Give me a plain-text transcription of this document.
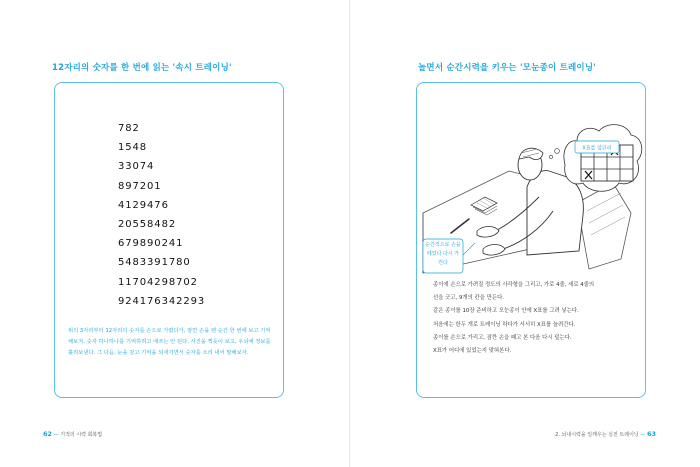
12자리의 숫자를 한 번에 읽는 '속시 트레이닝'
782
1548
33074
897201
4129476
20558482
679890241
5483391780
11704298702
924176342293

위의 3자리부터 12자리의 숫자를 손으로 가렸다가, 잠깐 손을 뗀 순간 한 번에 보고 기억해보자. 숫자 하나하나를 기억하려고 애쓰는 안 된다. 사진을 찍듯이 보고, 우뇌에 정보를 흘려보낸다. 그 다음, 눈을 감고 기억을 되새기면서 숫자를 소리 내어 말해보자.

62 — 기적의 시력 회복법
놀면서 순간시력을 키우는 '모눈종이 트레이닝'
X표를 앞뒤러
순간적으로 손을 떼었다 다시 가린다
종이에 손으로 가려질 정도의 사각형을 그리고, 가로 4줄, 세로 4줄의
선을 긋고, 9개의 칸을 만든다.
같은 종이를 10장 준비하고 모눈종이 안에 X표를 그려 넣는다.
처음에는 한두 개로 트레이닝 하다가 서서히 X표를 늘려간다.
종이를 손으로 가리고, 잠깐 손을 떼고 본 다음 다시 덮는다.
X표가 어디에 있었는지 맞혀본다.
2. 뇌내시력을 일깨우는 실전 트레이닝 — 63
